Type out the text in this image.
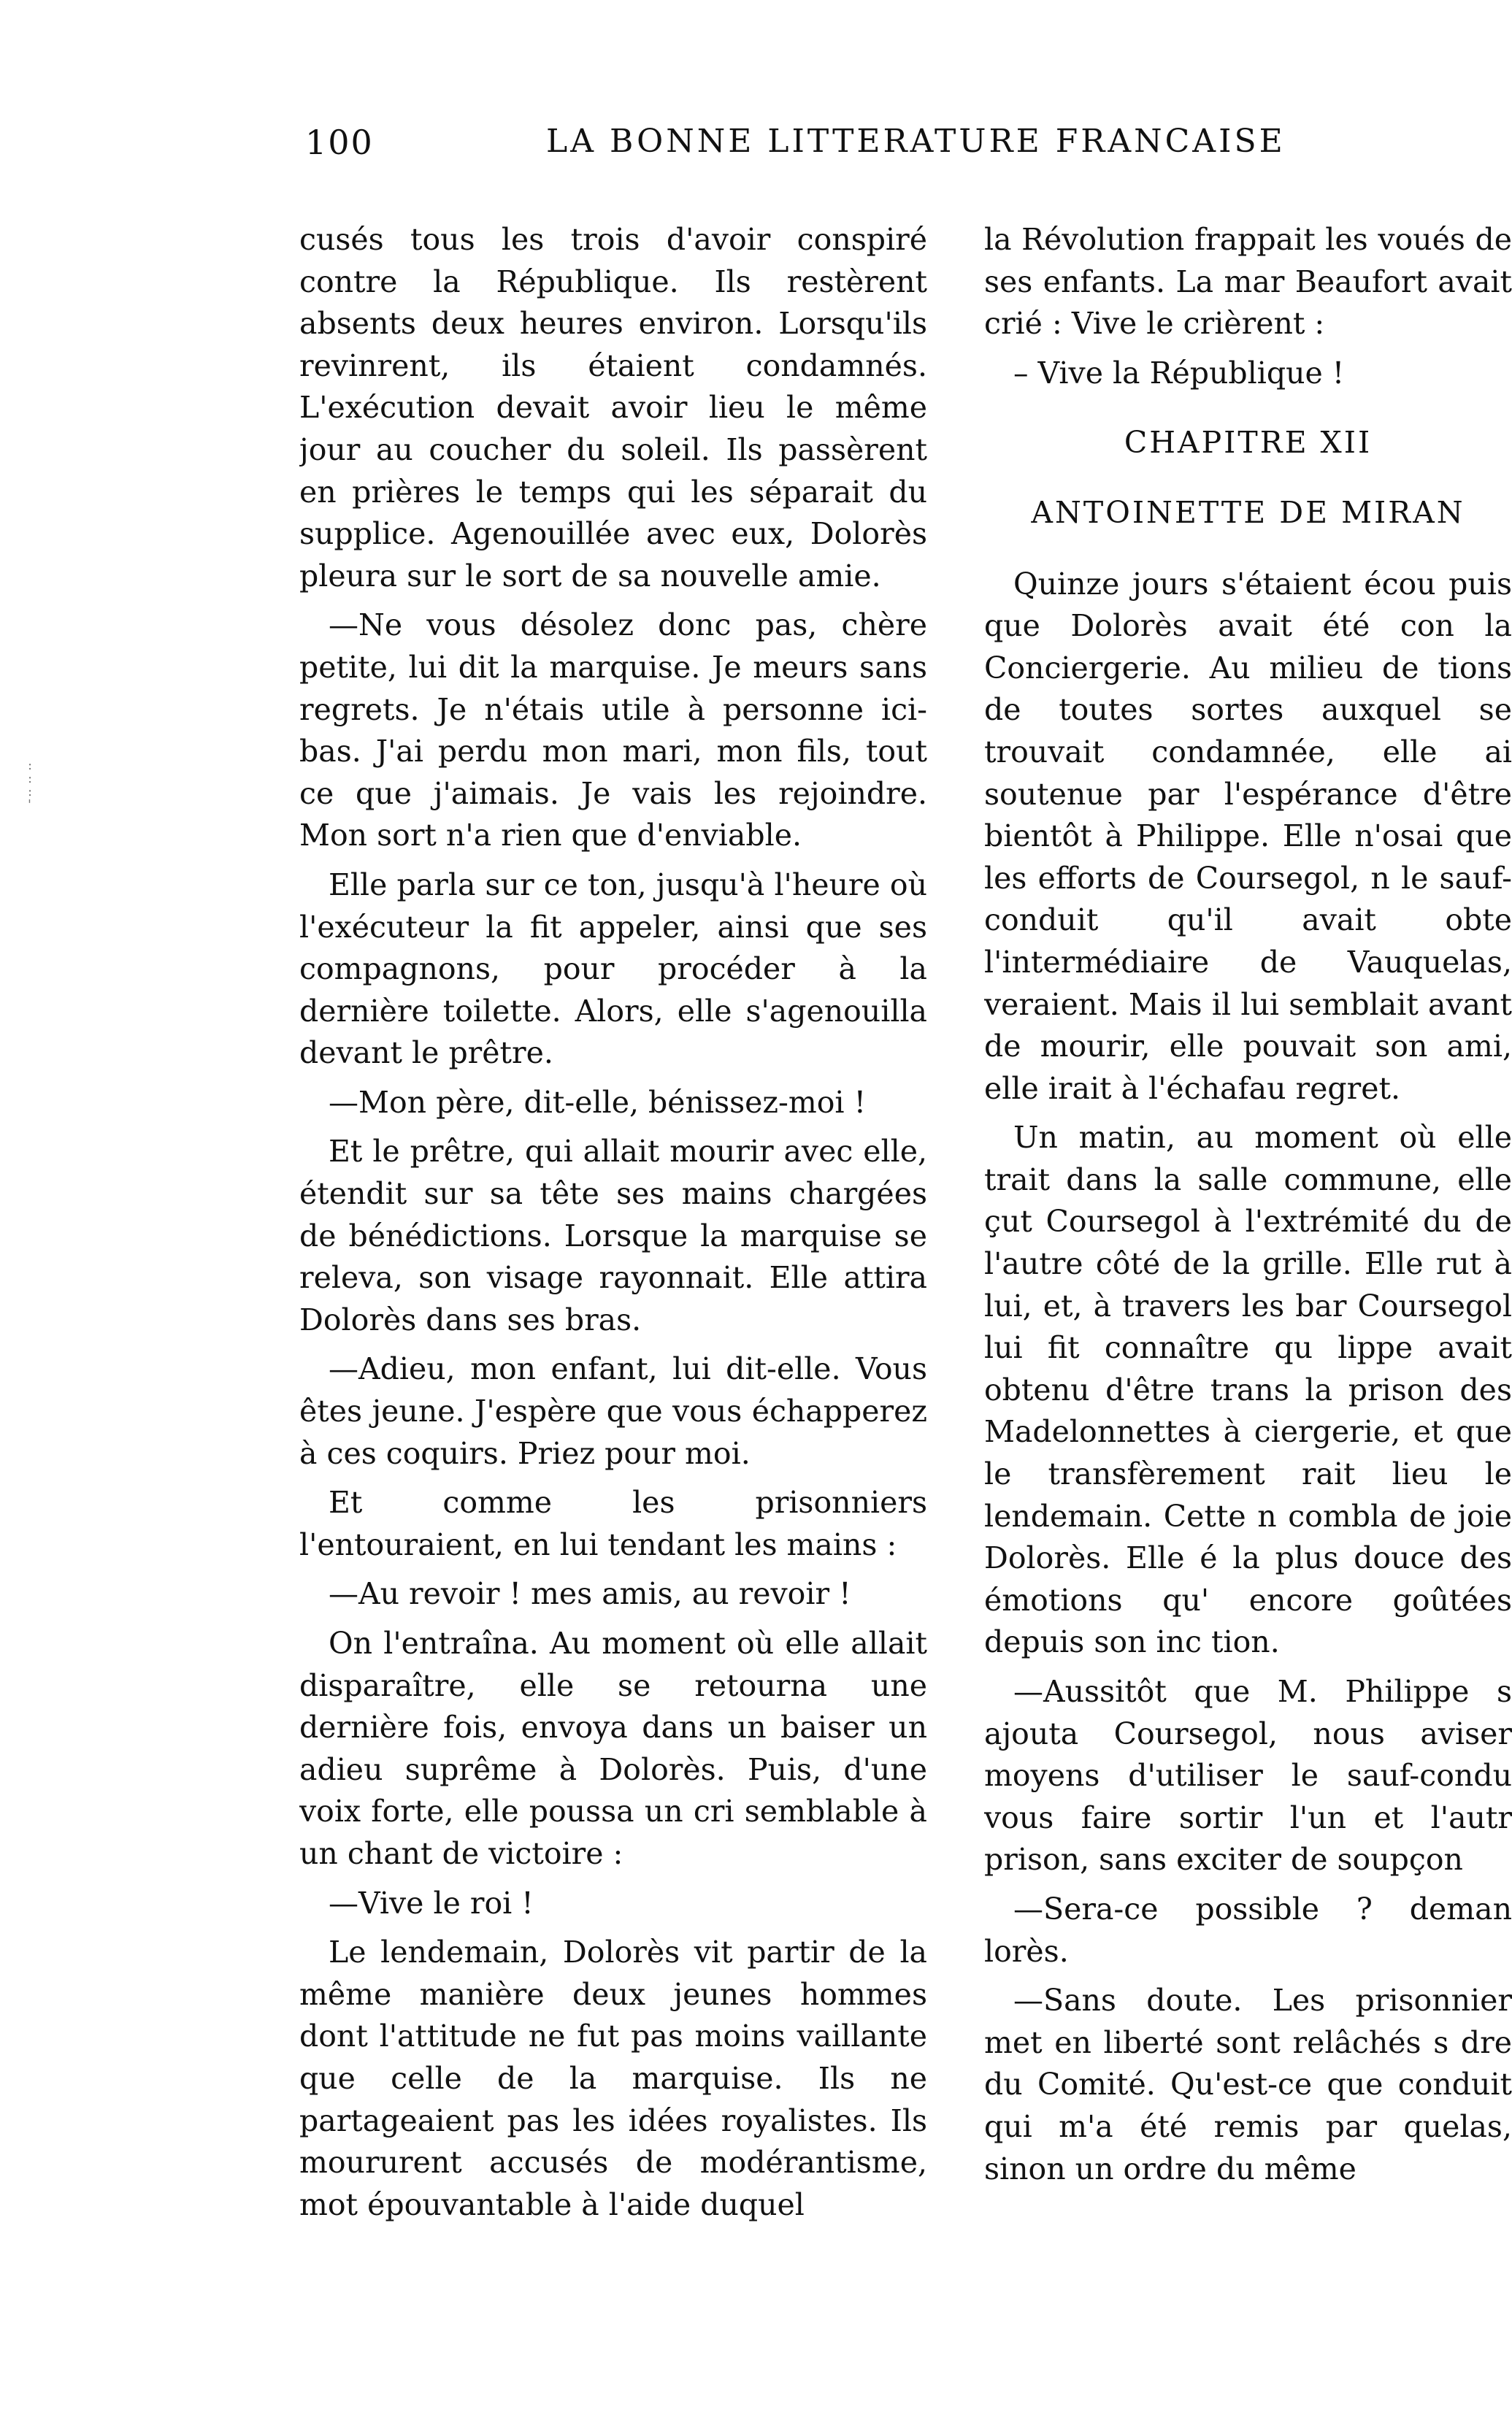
100	LA BONNE LITTERATURE FRANCAISE
:
:
:
'

cusés tous les trois d'avoir conspiré contre la République. Ils restèrent absents deux heures environ. Lorsqu'ils revinrent, ils étaient condamnés. L'exécution devait avoir lieu le même jour au coucher du soleil. Ils passèrent en prières le temps qui les séparait du supplice. Agenouillée avec eux, Dolorès pleura sur le sort de sa nouvelle amie.

—Ne vous désolez donc pas, chère petite, lui dit la marquise. Je meurs sans regrets. Je n'étais utile à personne ici-bas. J'ai perdu mon mari, mon fils, tout ce que j'aimais. Je vais les rejoindre. Mon sort n'a rien que d'enviable.

Elle parla sur ce ton, jusqu'à l'heure où l'exécuteur la fit appeler, ainsi que ses compagnons, pour procéder à la dernière toilette. Alors, elle s'agenouilla devant le prêtre.

—Mon père, dit-elle, bénissez-moi !

Et le prêtre, qui allait mourir avec elle, étendit sur sa tête ses mains chargées de bénédictions. Lorsque la marquise se releva, son visage rayonnait. Elle attira Dolorès dans ses bras.

—Adieu, mon enfant, lui dit-elle. Vous êtes jeune. J'espère que vous échapperez à ces coquirs. Priez pour moi.

Et comme les prisonniers l'entouraient, en lui tendant les mains :

—Au revoir ! mes amis, au revoir !

On l'entraîna. Au moment où elle allait disparaître, elle se retourna une dernière fois, envoya dans un baiser un adieu suprême à Dolorès. Puis, d'une voix forte, elle poussa un cri semblable à un chant de victoire :

—Vive le roi !

Le lendemain, Dolorès vit partir de la même manière deux jeunes hommes dont l'attitude ne fut pas moins vaillante que celle de la marquise. Ils ne partageaient pas les idées royalistes. Ils moururent accusés de modérantisme, mot épouvantable à l'aide duquel

la Révolution frappait les voués de ses enfants. La mar Beaufort avait crié : Vive le crièrent :

– Vive la République !

CHAPITRE XII

ANTOINETTE DE MIRAN

Quinze jours s'étaient écou puis que Dolorès avait été con la Conciergerie. Au milieu de tions de toutes sortes auxquel se trouvait condamnée, elle ai soutenue par l'espérance d'être bientôt à Philippe. Elle n'osai que les efforts de Coursegol, n le sauf-conduit qu'il avait obte l'intermédiaire de Vauquelas, veraient. Mais il lui semblait avant de mourir, elle pouvait son ami, elle irait à l'échafau regret.

Un matin, au moment où elle trait dans la salle commune, elle çut Coursegol à l'extrémité du de l'autre côté de la grille. Elle rut à lui, et, à travers les bar Coursegol lui fit connaître qu lippe avait obtenu d'être trans la prison des Madelonnettes à ciergerie, et que le transfèrement rait lieu le lendemain. Cette n combla de joie Dolorès. Elle é la plus douce des émotions qu' encore goûtées depuis son inc tion.

—Aussitôt que M. Philippe s ajouta Coursegol, nous aviser moyens d'utiliser le sauf-condu vous faire sortir l'un et l'autr prison, sans exciter de soupçon

—Sera-ce possible ? deman lorès.

—Sans doute. Les prisonnier met en liberté sont relâchés s dre du Comité. Qu'est-ce que conduit qui m'a été remis par quelas, sinon un ordre du même
